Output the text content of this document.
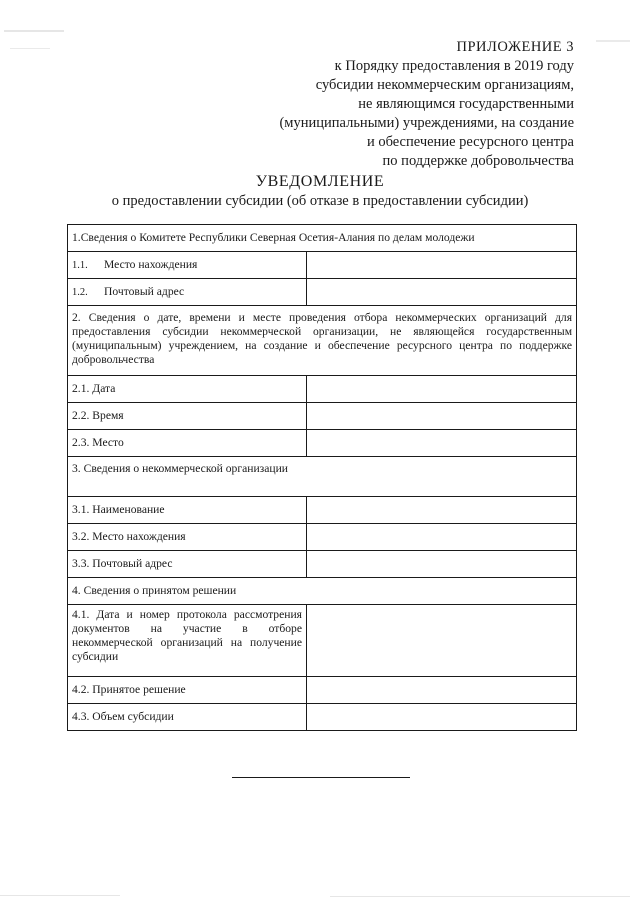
ПРИЛОЖЕНИЕ 3
к Порядку предоставления в 2019 году
субсидии некоммерческим организациям,
не являющимся государственными
(муниципальными) учреждениями, на создание
и обеспечение ресурсного центра
по поддержке добровольчества
УВЕДОМЛЕНИЕ
о предоставлении субсидии (об отказе в предоставлении субсидии)
1.Сведения о Комитете Республики Северная Осетия-Алания по делам молодежи	
1.1. Место нахождения	
1.2. Почтовый адрес	
2. Сведения о дате, времени и месте проведения отбора некоммерческих организаций для предоставления субсидии некоммерческой организации, не являющейся государственным (муниципальным) учреждением, на создание и обеспечение ресурсного центра по поддержке добровольчества	
2.1. Дата	
2.2. Время	
2.3. Место	
3. Сведения о некоммерческой организации	
3.1. Наименование	
3.2. Место нахождения	
3.3. Почтовый адрес	
4. Сведения о принятом решении	
4.1. Дата и номер протокола рассмотрения документов на участие в отборе некоммерческой организаций на получение субсидии	
4.2. Принятое решение	
4.3. Объем субсидии	
